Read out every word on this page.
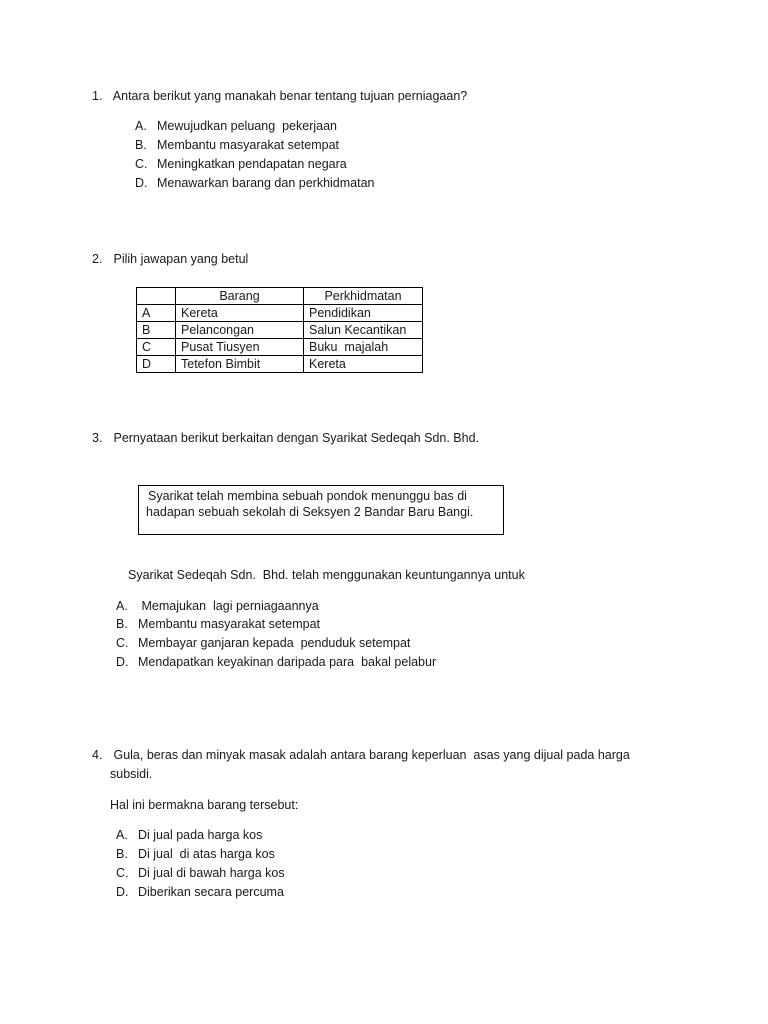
1. Antara berikut yang manakah benar tentang tujuan perniagaan?
A. Mewujudkan peluang  pekerjaan
B. Membantu masyarakat setempat
C. Meningkatkan pendapatan negara
D. Menawarkan barang dan perkhidmatan
2. Pilih jawapan yang betul
	Barang	Perkhidmatan
A	Kereta	Pendidikan
B	Pelancongan	Salun Kecantikan
C	Pusat Tiusyen	Buku  majalah
D	Tetefon Bimbit	Kereta
3. Pernyataan berikut berkaitan dengan Syarikat Sedeqah Sdn. Bhd.
Syarikat telah membina sebuah pondok menunggu bas di
hadapan sebuah sekolah di Seksyen 2 Bandar Baru Bangi.
Syarikat Sedeqah Sdn.  Bhd. telah menggunakan keuntungannya untuk
A. Memajukan  lagi perniagaannya
B. Membantu masyarakat setempat
C. Membayar ganjaran kepada  penduduk setempat
D. Mendapatkan keyakinan daripada para  bakal pelabur
4. Gula, beras dan minyak masak adalah antara barang keperluan  asas yang dijual pada harga
subsidi.
Hal ini bermakna barang tersebut:
A. Di jual pada harga kos
B. Di jual  di atas harga kos
C. Di jual di bawah harga kos
D. Diberikan secara percuma
